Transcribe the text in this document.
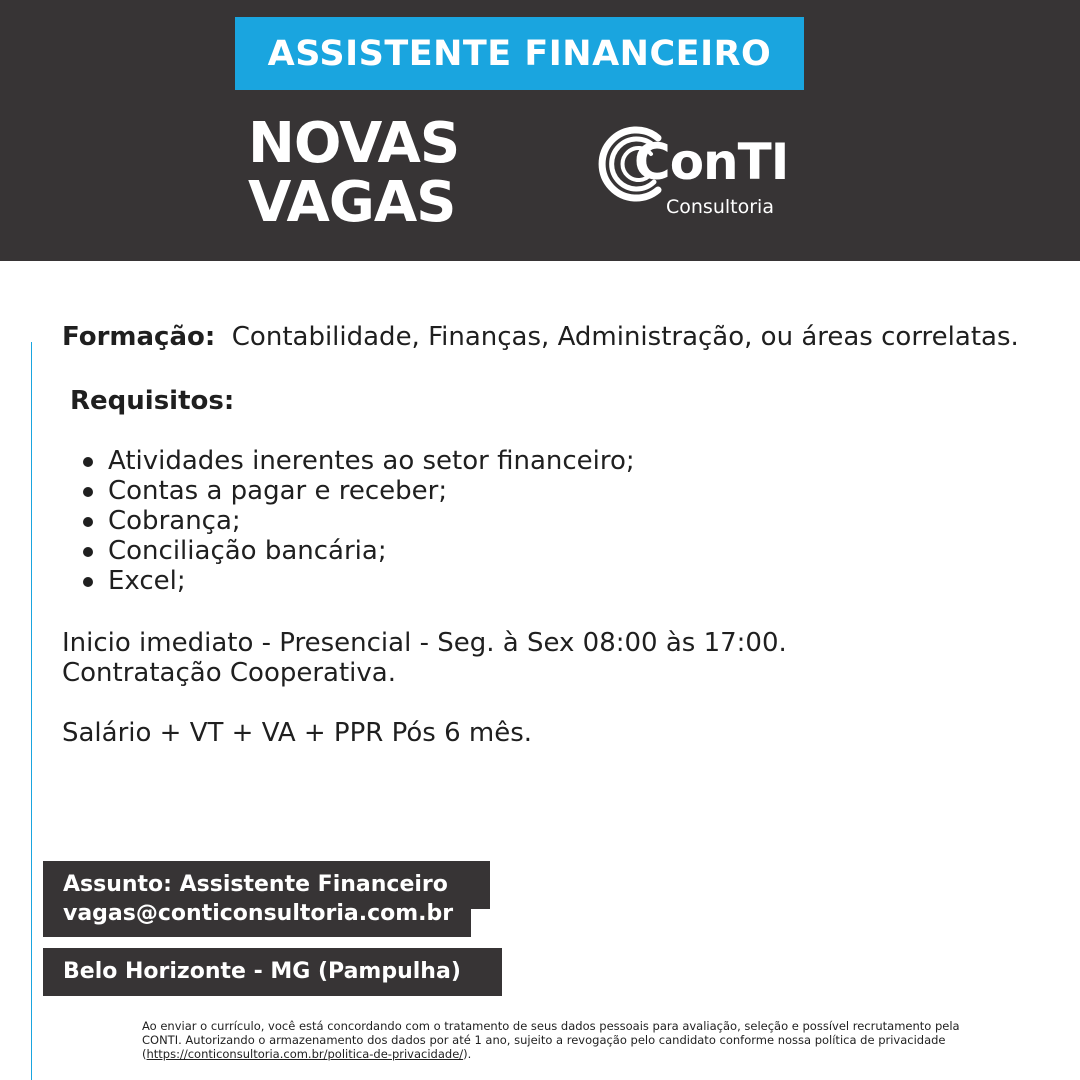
ASSISTENTE FINANCEIRO
NOVAS
VAGAS
ConTI
Consultoria

Formação: Contabilidade, Finanças, Administração, ou áreas correlatas.

Requisitos:

Atividades inerentes ao setor financeiro;
Contas a pagar e receber;
Cobrança;
Conciliação bancária;
Excel;

Inicio imediato - Presencial - Seg. à Sex 08:00 às 17:00.
Contratação Cooperativa.

Salário + VT + VA + PPR Pós 6 mês.

Assunto: Assistente Financeiro
vagas@conticonsultoria.com.br
Belo Horizonte - MG (Pampulha)

Ao enviar o currículo, você está concordando com o tratamento de seus dados pessoais para avaliação, seleção e possível recrutamento pela CONTI. Autorizando o armazenamento dos dados por até 1 ano, sujeito a revogação pelo candidato conforme nossa política de privacidade (https://conticonsultoria.com.br/politica-de-privacidade/).
